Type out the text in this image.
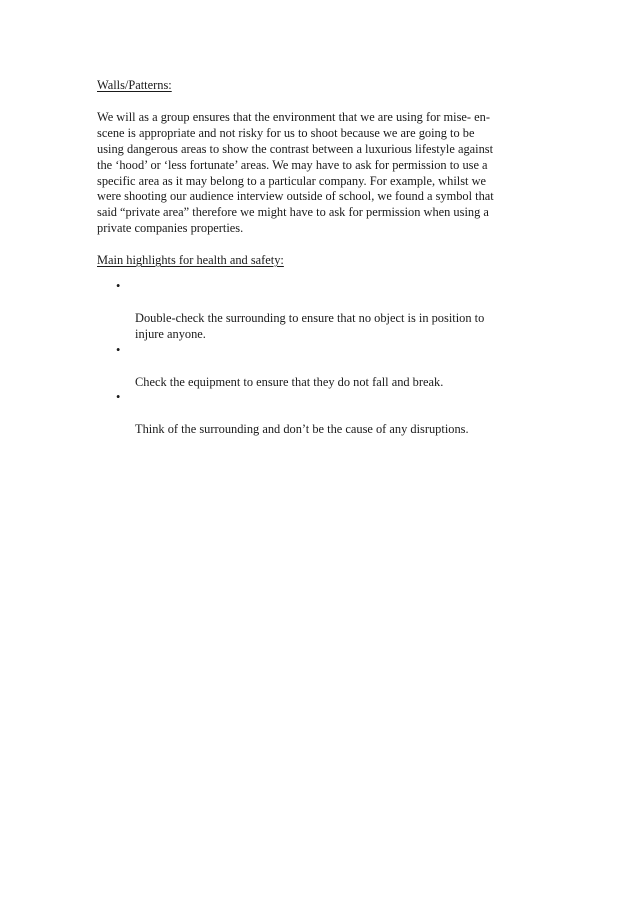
Walls/Patterns:

We will as a group ensures that the environment that we are using for mise- en-
scene is appropriate and not risky for us to shoot because we are going to be
using dangerous areas to show the contrast between a luxurious lifestyle against
the ‘hood’ or ‘less fortunate’ areas. We may have to ask for permission to use a
specific area as it may belong to a particular company. For example, whilst we
were shooting our audience interview outside of school, we found a symbol that
said “private area” therefore we might have to ask for permission when using a
private companies properties.

Main highlights for health and safety:

•

Double-check the surrounding to ensure that no object is in position to
injure anyone.

•

Check the equipment to ensure that they do not fall and break.

•

Think of the surrounding and don’t be the cause of any disruptions.
